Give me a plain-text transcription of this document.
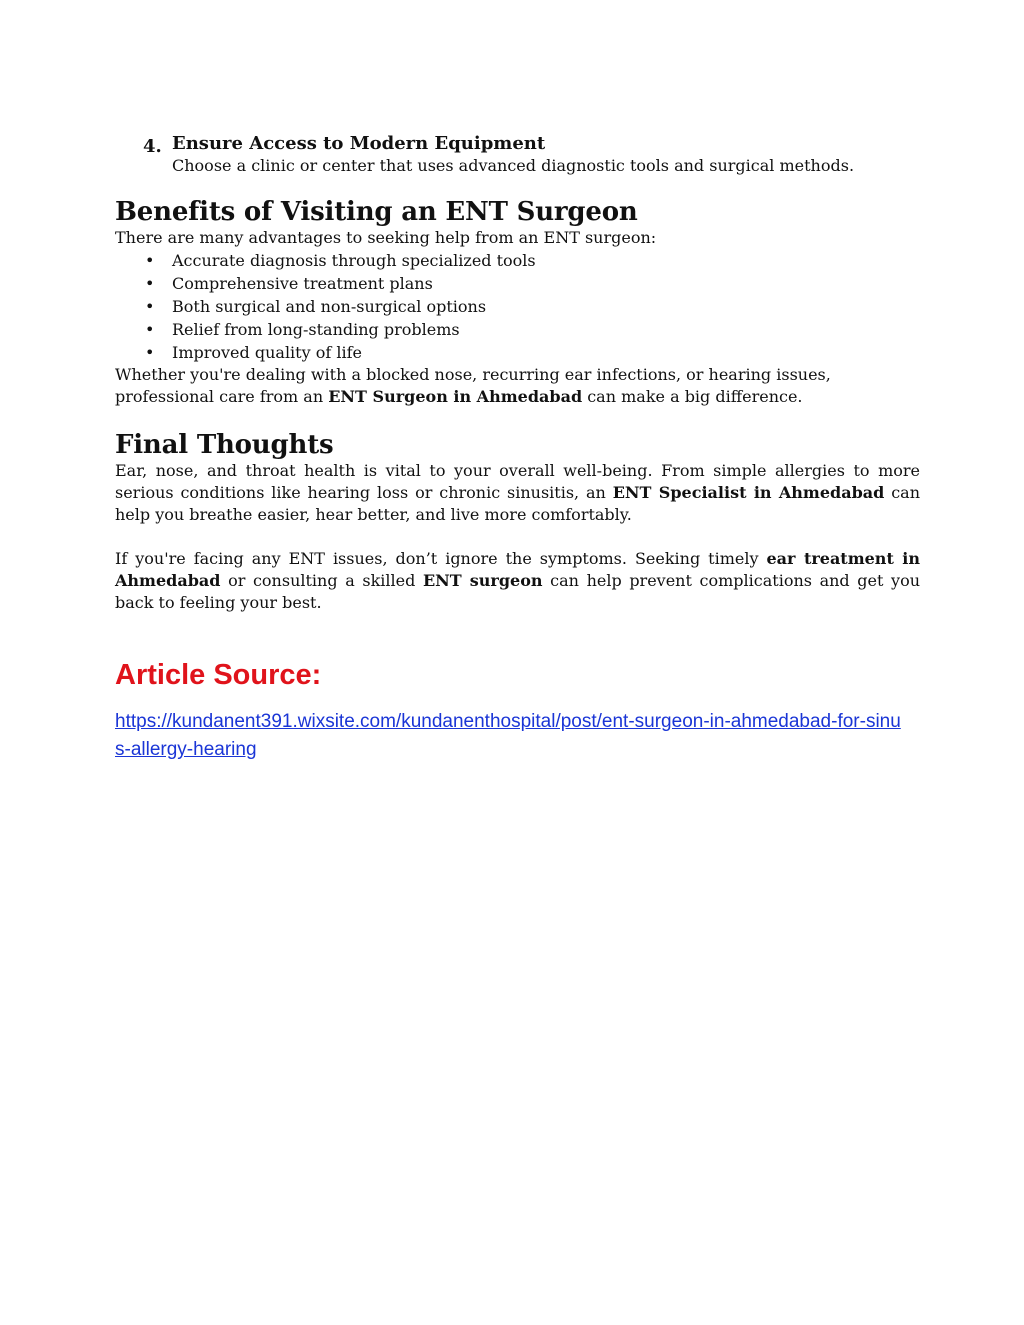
4. Ensure Access to Modern Equipment
Choose a clinic or center that uses advanced diagnostic tools and surgical methods.
Benefits of Visiting an ENT Surgeon

There are many advantages to seeking help from an ENT surgeon:

• Accurate diagnosis through specialized tools
• Comprehensive treatment plans
• Both surgical and non-surgical options
• Relief from long-standing problems
• Improved quality of life

Whether you're dealing with a blocked nose, recurring ear infections, or hearing issues, professional care from an ENT Surgeon in Ahmedabad can make a big difference.

Final Thoughts

Ear, nose, and throat health is vital to your overall well-being. From simple allergies to more serious conditions like hearing loss or chronic sinusitis, an ENT Specialist in Ahmedabad can help you breathe easier, hear better, and live more comfortably.

If you're facing any ENT issues, don’t ignore the symptoms. Seeking timely ear treatment in Ahmedabad or consulting a skilled ENT surgeon can help prevent complications and get you back to feeling your best.

Article Source:
https://kundanent391.wixsite.com/kundanenthospital/post/ent-surgeon-in-ahmedabad-for-sinus-allergy-hearing
